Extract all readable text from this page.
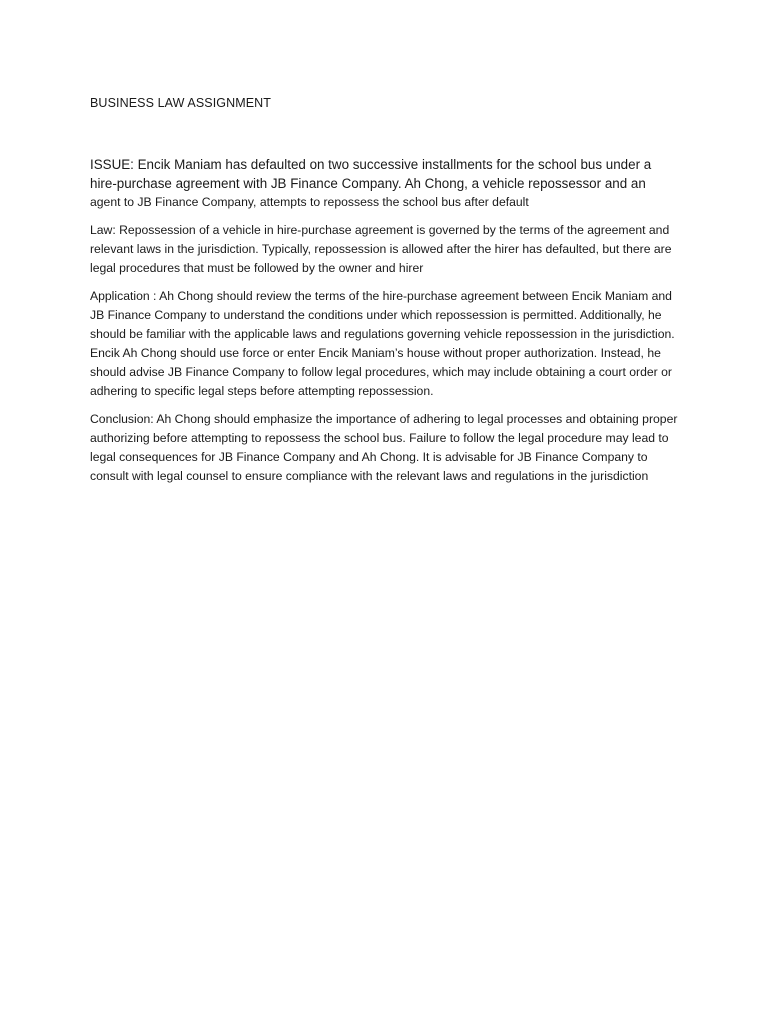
BUSINESS LAW ASSIGNMENT

ISSUE: Encik Maniam has defaulted on two successive installments for the school bus under a
hire-purchase agreement with JB Finance Company. Ah Chong, a vehicle repossessor and an
agent to JB Finance Company, attempts to repossess the school bus after default

Law: Repossession of a vehicle in hire-purchase agreement is governed by the terms of the agreement and relevant laws in the jurisdiction. Typically, repossession is allowed after the hirer has defaulted, but there are legal procedures that must be followed by the owner and hirer

Application : Ah Chong should review the terms of the hire-purchase agreement between Encik Maniam and JB Finance Company to understand the conditions under which repossession is permitted. Additionally, he should be familiar with the applicable laws and regulations governing vehicle repossession in the jurisdiction. Encik Ah Chong should use force or enter Encik Maniam’s house without proper authorization. Instead, he should advise JB Finance Company to follow legal procedures, which may include obtaining a court order or adhering to specific legal steps before attempting repossession.

Conclusion: Ah Chong should emphasize the importance of adhering to legal processes and obtaining proper authorizing before attempting to repossess the school bus. Failure to follow the legal procedure may lead to legal consequences for JB Finance Company and Ah Chong. It is advisable for JB Finance Company to consult with legal counsel to ensure compliance with the relevant laws and regulations in the jurisdiction
